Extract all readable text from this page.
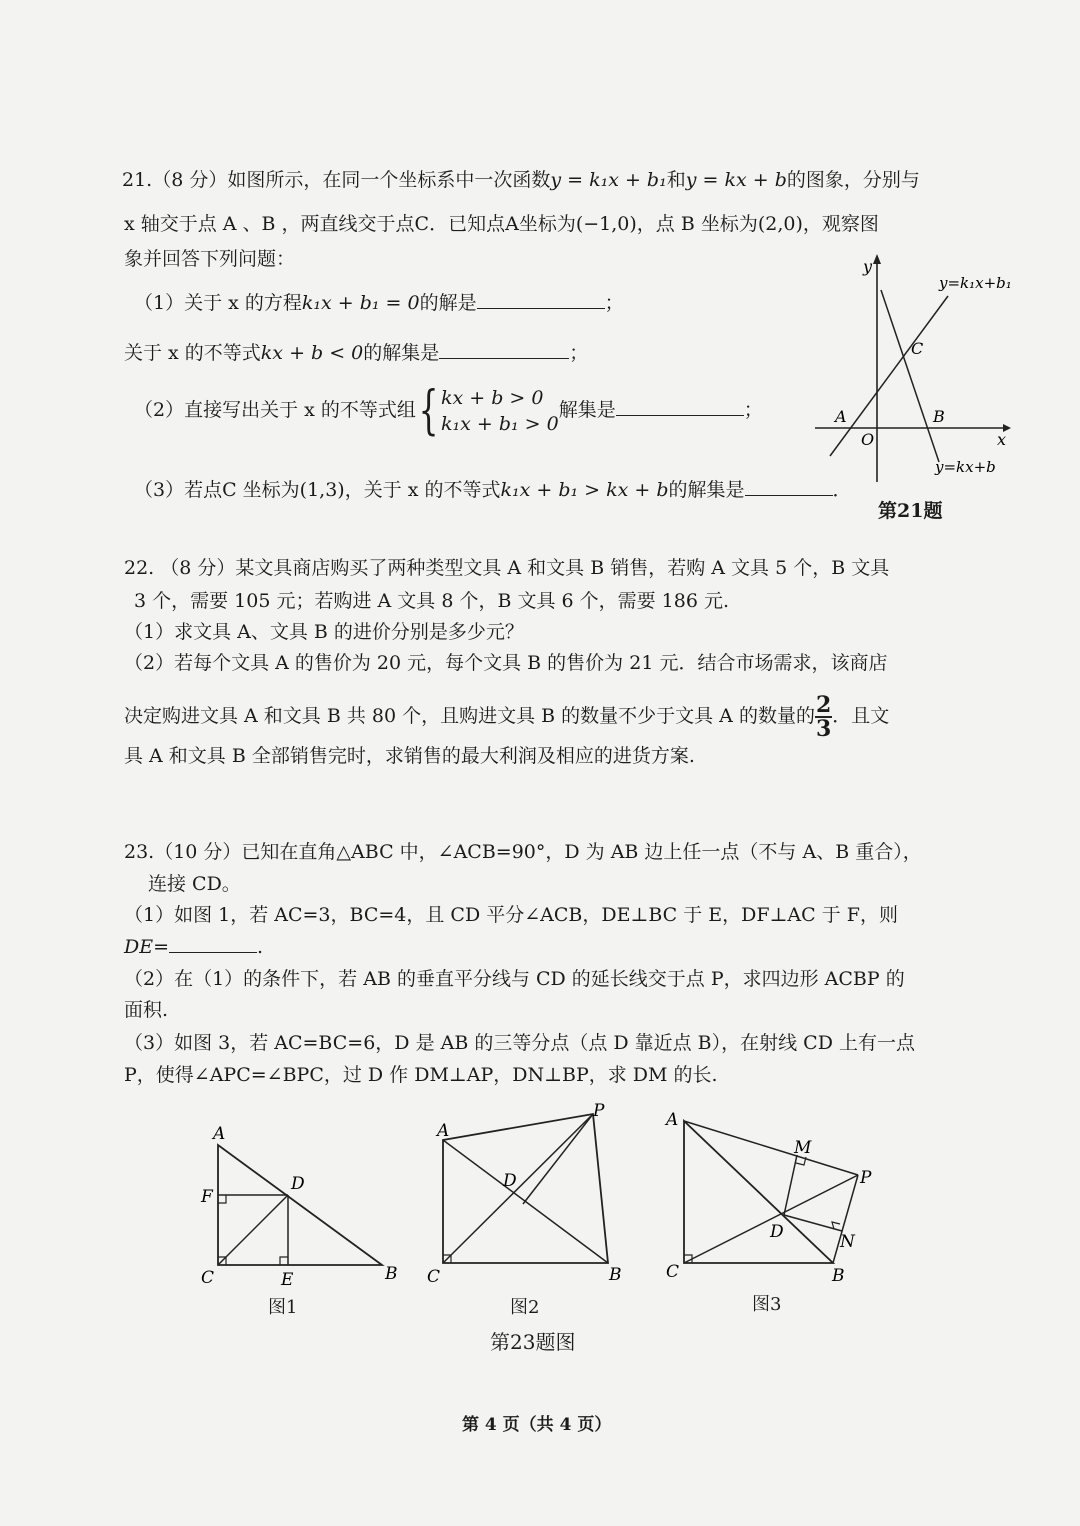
21.（8 分）如图所示，在同一个坐标系中一次函数y = k₁x + b₁和y = kx + b的图象，分别与
x 轴交于点 A 、B ，两直线交于点C．已知点A坐标为(−1,0)，点 B 坐标为(2,0)，观察图
象并回答下列问题：
（1）关于 x 的方程k₁x + b₁ = 0的解是	；
关于 x 的不等式kx + b < 0的解集是	；
（2）直接写出关于 x 的不等式组{ kx + b > 0
k₁x + b₁ > 0
解集是	；
（3）若点C 坐标为(1,3)，关于 x 的不等式k₁x + b₁ > kx + b的解集是	．
y
x
O
A	B
C
y=k₁x+b₁
y=kx+b
第21题
22. （8 分）某文具商店购买了两种类型文具 A 和文具 B 销售，若购 A 文具 5 个，B 文具
3 个，需要 105 元；若购进 A 文具 8 个，B 文具 6 个，需要 186 元.
（1）求文具 A、文具 B 的进价分别是多少元？
（2）若每个文具 A 的售价为 20 元，每个文具 B 的售价为 21 元．结合市场需求，该商店
决定购进文具 A 和文具 B 共 80 个，且购进文具 B 的数量不少于文具 A 的数量的 $\frac{2}{3}$ ．且文
具 A 和文具 B 全部销售完时，求销售的最大利润及相应的进货方案.
23.（10 分）已知在直角△ABC 中，∠ACB=90°，D 为 AB 边上任一点（不与 A、B 重合），
连接 CD。
（1）如图 1，若 AC=3，BC=4，且 CD 平分∠ACB，DE⊥BC 于 E，DF⊥AC 于 F，则
DE=	.
（2）在（1）的条件下，若 AB 的垂直平分线与 CD 的延长线交于点 P，求四边形 ACBP 的
面积.
（3）如图 3，若 AC=BC=6，D 是 AB 的三等分点（点 D 靠近点 B），在射线 CD 上有一点
P，使得∠APC=∠BPC，过 D 作 DM⊥AP，DN⊥BP，求 DM 的长.
A
B
C
D
E
F
图1
A
B
C
D
P
图2
A
B
C
D
P
M
N
图3
第23题图
第 4 页（共 4 页）
